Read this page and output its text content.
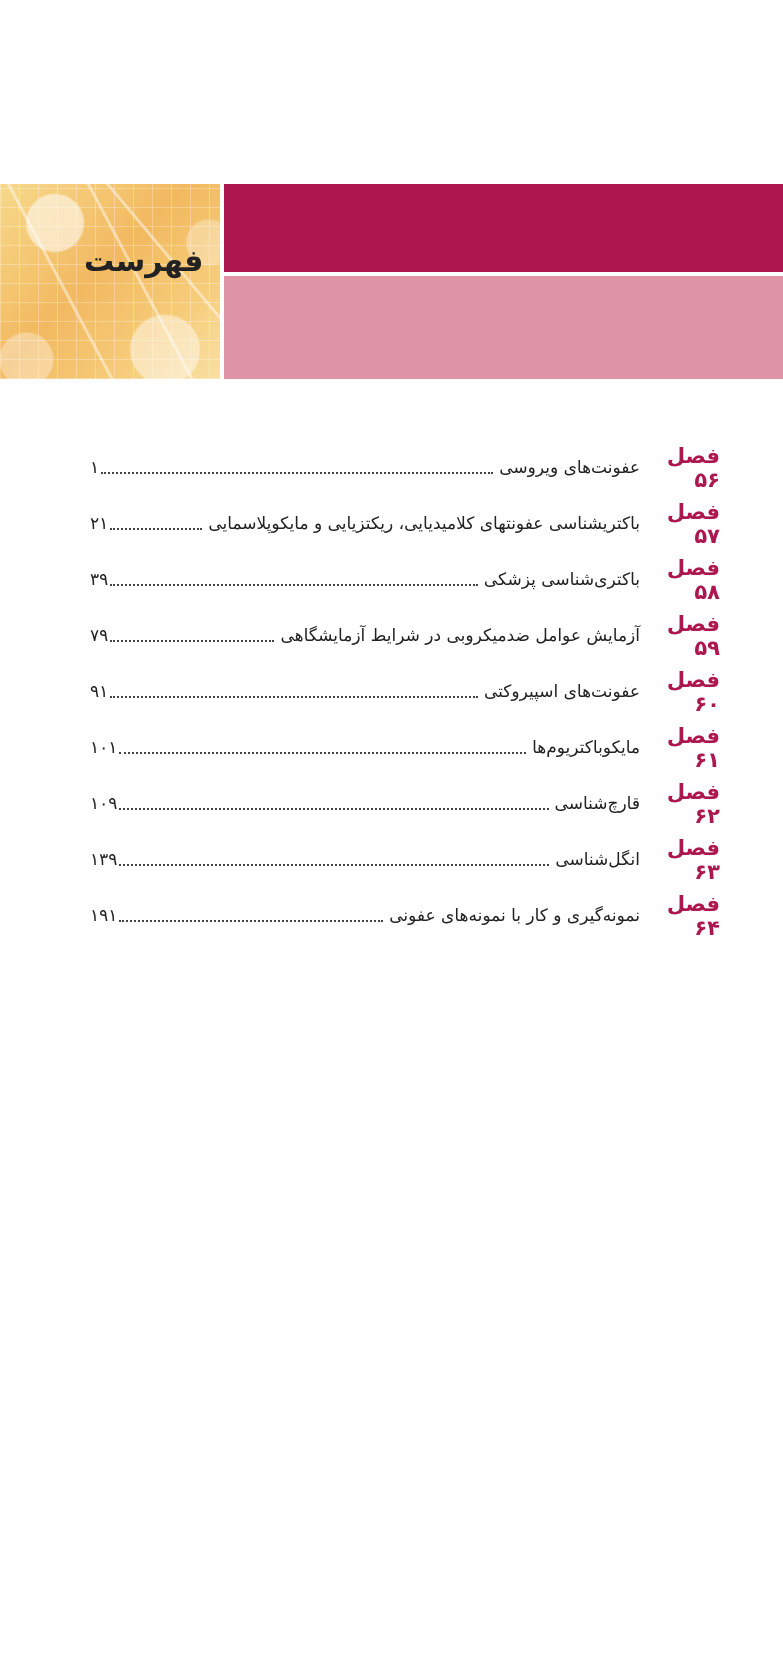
فهرست
فصل ۵۶
عفونت‌های ویروسی
۱
فصل ۵۷
باکتریشناسی عفونتهای کلامیدیایی، ریکتزیایی و مایکوپلاسمایی
۲۱
فصل ۵۸
باکتری‌شناسی پزشکی
۳۹
فصل ۵۹
آزمایش عوامل ضدمیکروبی در شرایط آزمایشگاهی
۷۹
فصل ۶۰
عفونت‌های اسپیروکتی
۹۱
فصل ۶۱
مایکوباکتریوم‌ها
۱۰۱
فصل ۶۲
قارچ‌شناسی
۱۰۹
فصل ۶۳
انگل‌شناسی
۱۳۹
فصل ۶۴
نمونه‌گیری و کار با نمونه‌های عفونی
۱۹۱
